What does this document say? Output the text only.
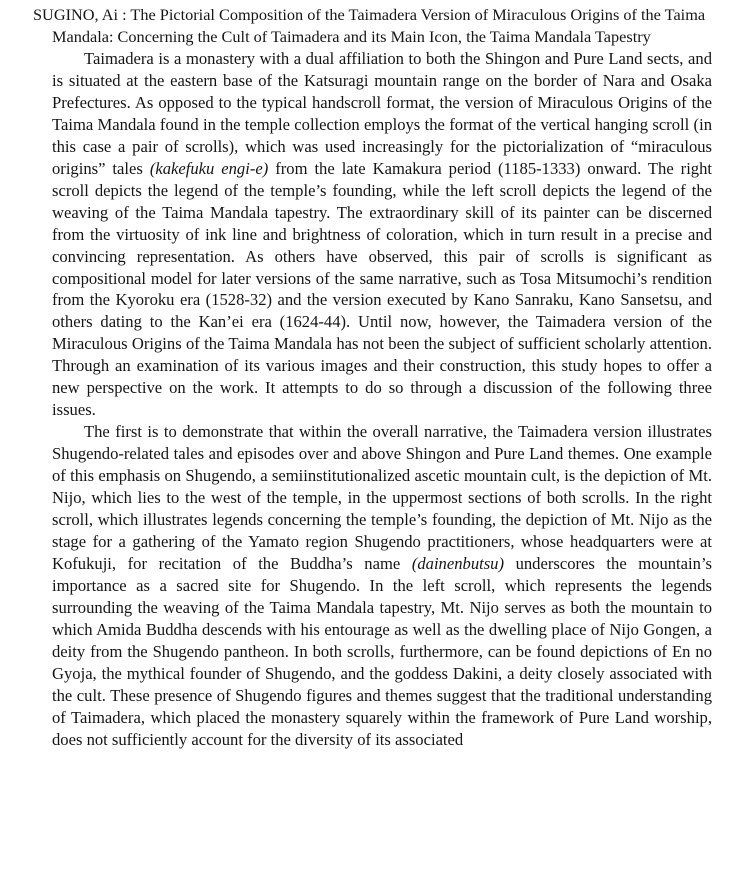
SUGINO, Ai : The Pictorial Composition of the Taimadera Version of Miraculous Origins of the Taima Mandala: Concerning the Cult of Taimadera and its Main Icon, the Taima Mandala Tapestry

Taimadera is a monastery with a dual affiliation to both the Shingon and Pure Land sects, and is situated at the eastern base of the Katsuragi mountain range on the border of Nara and Osaka Prefectures. As opposed to the typical handscroll format, the version of Miraculous Origins of the Taima Mandala found in the temple collection employs the format of the vertical hanging scroll (in this case a pair of scrolls), which was used increasingly for the pictorialization of “miraculous origins” tales (kakefuku engi-e) from the late Kamakura period (1185-1333) onward. The right scroll depicts the legend of the temple’s founding, while the left scroll depicts the legend of the weaving of the Taima Mandala tapestry. The extraordinary skill of its painter can be discerned from the virtuosity of ink line and brightness of coloration, which in turn result in a precise and convincing representation. As others have observed, this pair of scrolls is significant as compositional model for later versions of the same narrative, such as Tosa Mitsumochi’s rendition from the Kyoroku era (1528-32) and the version executed by Kano Sanraku, Kano Sansetsu, and others dating to the Kan’ei era (1624-44). Until now, however, the Taimadera version of the Miraculous Origins of the Taima Mandala has not been the subject of sufficient scholarly attention. Through an examination of its various images and their construction, this study hopes to offer a new perspective on the work. It attempts to do so through a discussion of the following three issues.

The first is to demonstrate that within the overall narrative, the Taimadera version illustrates Shugendo-related tales and episodes over and above Shingon and Pure Land themes. One example of this emphasis on Shugendo, a semiinstitutionalized ascetic mountain cult, is the depiction of Mt. Nijo, which lies to the west of the temple, in the uppermost sections of both scrolls. In the right scroll, which illustrates legends concerning the temple’s founding, the depiction of Mt. Nijo as the stage for a gathering of the Yamato region Shugendo practitioners, whose headquarters were at Kofukuji, for recitation of the Buddha’s name (dainenbutsu) underscores the mountain’s importance as a sacred site for Shugendo. In the left scroll, which represents the legends surrounding the weaving of the Taima Mandala tapestry, Mt. Nijo serves as both the mountain to which Amida Buddha descends with his entourage as well as the dwelling place of Nijo Gongen, a deity from the Shugendo pantheon. In both scrolls, furthermore, can be found depictions of En no Gyoja, the mythical founder of Shugendo, and the goddess Dakini, a deity closely associated with the cult. These presence of Shugendo figures and themes suggest that the traditional understanding of Taimadera, which placed the monastery squarely within the framework of Pure Land worship, does not sufficiently account for the diversity of its associated
